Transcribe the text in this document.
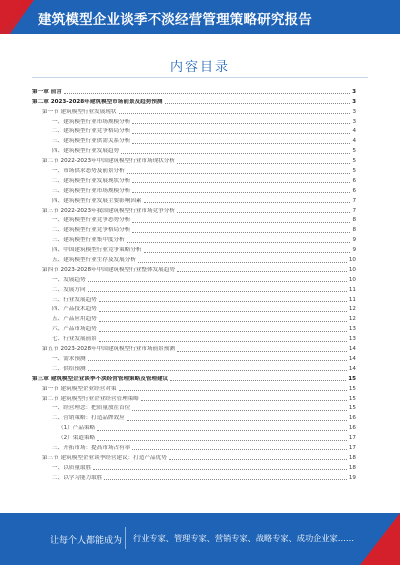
建筑模型企业谈季不淡经营管理策略研究报告
内容目录
第一章 前言	3
第二章 2023-2028年建筑模型市场前景及趋势预测	3
第一节 建筑模型行业发展现状	3
一、建筑模型行业市场规模分析	3
二、建筑模型行业竞争格局分析	4
三、建筑模型行业供需关系分析	4
四、建筑模型行业发展趋势	5
第二节 2022-2023年中国建筑模型行业市场现状分析	5
一、市场供求态势及前景分析	5
二、建筑模型行业发展现状分析	6
三、建筑模型行业市场规模分析	6
四、建筑模型行业发展主要影响因素	7
第三节 2022-2023年我国建筑模型行业市场竞争分析	7
一、建筑模型行业竞争态势分析	8
二、建筑模型行业竞争格局分析	8
三、建筑模型行业集中度分析	9
四、中国建筑模型行业竞争策略分析	9
五、建筑模型行业生存及发展分析	10
第四节 2023-2028年中国建筑模型行业整体发展趋势	10
一、发展趋势	10
二、发展方向	11
三、行业发展趋势	11
四、产品技术趋势	12
五、产品应用趋势	12
六、产品市场趋势	13
七、行业发展前景	13
第五节 2023-2028年中国建筑模型行业市场前景预测	14
一、需求预测	14
二、供给预测	14
第三章 建筑模型企业谈季不淡经营管理策略及管理建议	15
第一节 建筑模型企业经营对策	15
第二节 建筑模型行业企业经营管理策略	15
一、经营理念：把质量放在首位	15
二、营销策略：打造品牌效应	16
（1）产品策略	16
（2）渠道策略	17
三、开拓市场：提高市场占有率	17
第三节 建筑模型企业谈季经营建议：打造产品优势	18
一、以质量取胜	18
二、以学习能力取胜	19
让每个人都能成为 行业专家、管理专家、营销专家、战略专家、成功企业家……
